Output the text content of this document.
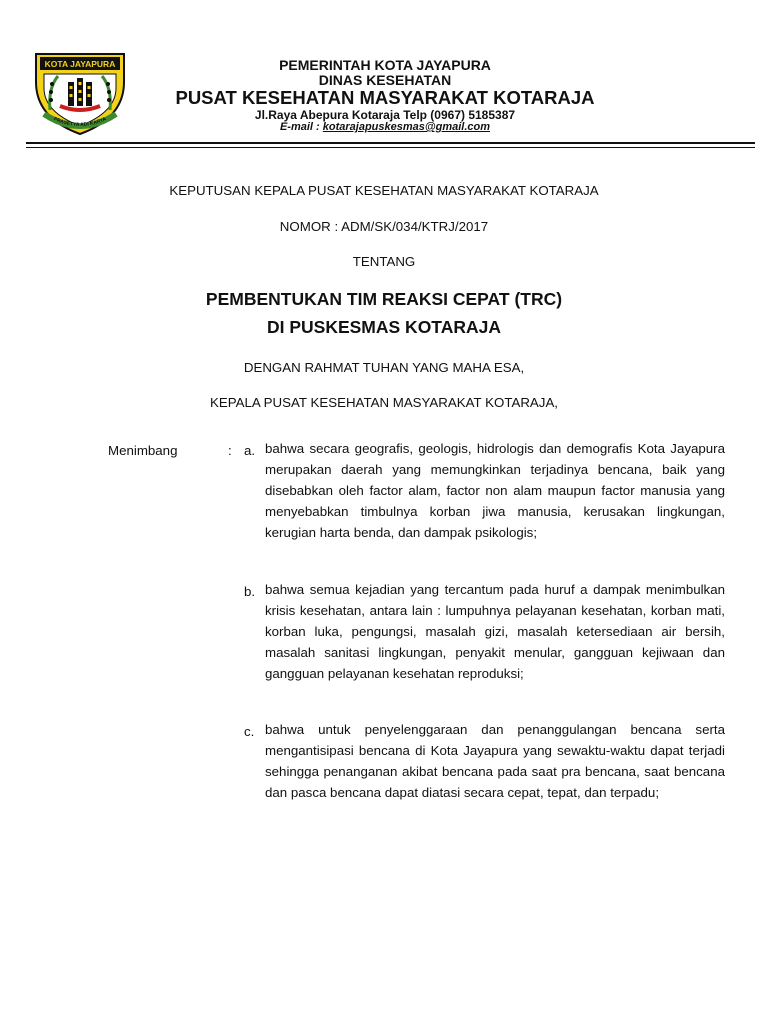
KOTA JAYAPURA
PRASETYA ADI KARYA
PEMERINTAH KOTA JAYAPURA
DINAS KESEHATAN
PUSAT KESEHATAN MASYARAKAT KOTARAJA
Jl.Raya Abepura Kotaraja Telp (0967) 5185387
E-mail : kotarajapuskesmas@gmail.com
KEPUTUSAN KEPALA PUSAT KESEHATAN MASYARAKAT KOTARAJA
NOMOR : ADM/SK/034/KTRJ/2017
TENTANG
PEMBENTUKAN TIM REAKSI CEPAT (TRC)
DI PUSKESMAS KOTARAJA
DENGAN RAHMAT TUHAN YANG MAHA ESA,
KEPALA PUSAT KESEHATAN MASYARAKAT KOTARAJA,
Menimbang	: a. bahwa secara geografis, geologis, hidrologis dan demografis Kota Jayapura merupakan daerah yang memungkinkan terjadinya bencana, baik yang disebabkan oleh factor alam, factor non alam maupun factor manusia yang menyebabkan timbulnya korban jiwa manusia, kerusakan lingkungan, kerugian harta benda, dan dampak psikologis;

b. bahwa semua kejadian yang tercantum pada huruf a dampak menimbulkan krisis kesehatan, antara lain : lumpuhnya pelayanan kesehatan, korban mati, korban luka, pengungsi, masalah gizi, masalah ketersediaan air bersih, masalah sanitasi lingkungan, penyakit menular, gangguan kejiwaan dan gangguan pelayanan kesehatan reproduksi;

c. bahwa untuk penyelenggaraan dan penanggulangan bencana serta mengantisipasi bencana di Kota Jayapura yang sewaktu-waktu dapat terjadi sehingga penanganan akibat bencana pada saat pra bencana, saat bencana dan pasca bencana dapat diatasi secara cepat, tepat, dan terpadu;
